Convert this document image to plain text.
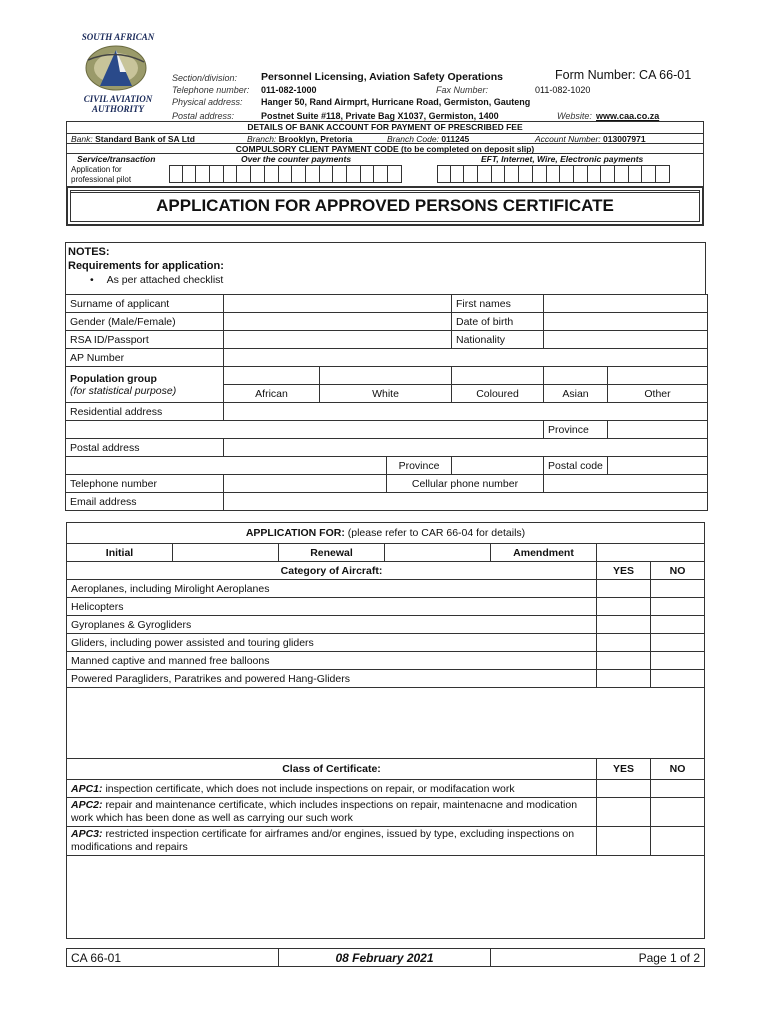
SOUTH AFRICAN
CIVIL AVIATION
AUTHORITY
Section/division: Personnel Licensing, Aviation Safety Operations	Form Number: CA 66-01
Telephone number: 011-082-1000	Fax Number:	011-082-1020
Physical address: Hanger 50, Rand Airmprt, Hurricane Road, Germiston, Gauteng
Postal address:	Postnet Suite #118, Private Bag X1037, Germiston, 1400	Website: www.caa.co.za
DETAILS OF BANK ACCOUNT FOR PAYMENT OF PRESCRIBED FEE
Bank: Standard Bank of SA Ltd	Branch: Brooklyn, Pretoria	Branch Code: 011245	Account Number: 013007971
COMPULSORY CLIENT PAYMENT CODE (to be completed on deposit slip)
Service/transaction	Over the counter payments	EFT, Internet, Wire, Electronic payments
Application for professional pilot
APPLICATION FOR APPROVED PERSONS CERTIFICATE
NOTES:
Requirements for application:
• As per attached checklist
Surname of applicant				First names		
Gender (Male/Female)				Date of birth		
RSA ID/Passport				Nationality		
AP Number						

Population group
(for statistical purpose)						

	African	White		Coloured	Asian	Other
Residential address						
					Province	
Postal address						
			Province		Postal code	
Telephone number			Cellular phone number			
Email address						
APPLICATION FOR: (please refer to CAR 66-04 for details)						
Initial		Renewal		Amendment		
Category of Aircraft:					YES	NO
Aeroplanes, including Mirolight Aeroplanes						
Helicopters						
Gyroplanes & Gyrogliders						
Gliders, including power assisted and touring gliders						
Manned captive and manned free balloons						
Powered Paragliders, Paratrikes and powered Hang-Gliders						

Class of Certificate:					YES	NO
APC1: inspection certificate, which does not include inspections on repair, or modifacation work						
APC2: repair and maintenance certificate, which includes inspections on repair, maintenacne and modication work which has been done as well as carrying our such work						
APC3: restricted inspection certificate for airframes and/or engines, issued by type, excluding inspections on modifications and repairs						

CA 66-01	08 February 2021	Page 1 of 2
